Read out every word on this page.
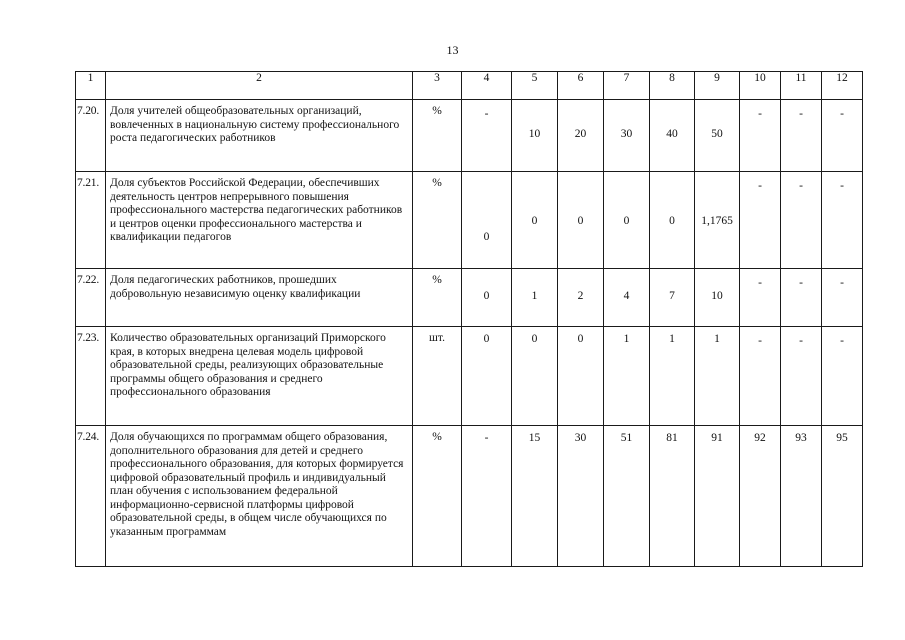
13
1	2	3	4	5	6	7	8	9	10	11	12
7.20.	Доля учителей общеобразовательных организаций, вовлеченных в национальную систему профессионального роста педагогических работников	%	-	10	20	30	40	50	-	-	-

7.21.	Доля субъектов Российской Федерации, обеспечивших деятельность центров непрерывного повышения профессионального мастерства педагогических работников и центров оценки профессионального мастерства и квалификации педагогов	%	0	0	0	0	0	1,1765	-	-	-

7.22.	Доля педагогических работников, прошедших добровольную независимую оценку квалификации	%	0	1	2	4	7	10	-	-	-

7.23.	Количество образовательных организаций Приморского края, в которых внедрена целевая модель цифровой образовательной среды, реализующих образовательные программы общего образования и среднего профессионального образования	шт.	0	0	0	1	1	1	-	-	-

7.24.	Доля обучающихся по программам общего образования, дополнительного образования для детей и среднего профессионального образования, для которых формируется цифровой образовательный профиль и индивидуальный план обучения с использованием федеральной информационно-сервисной платформы цифровой образовательной среды, в общем числе обучающихся по указанным программам	%	-	15	30	51	81	91	92	93	95
